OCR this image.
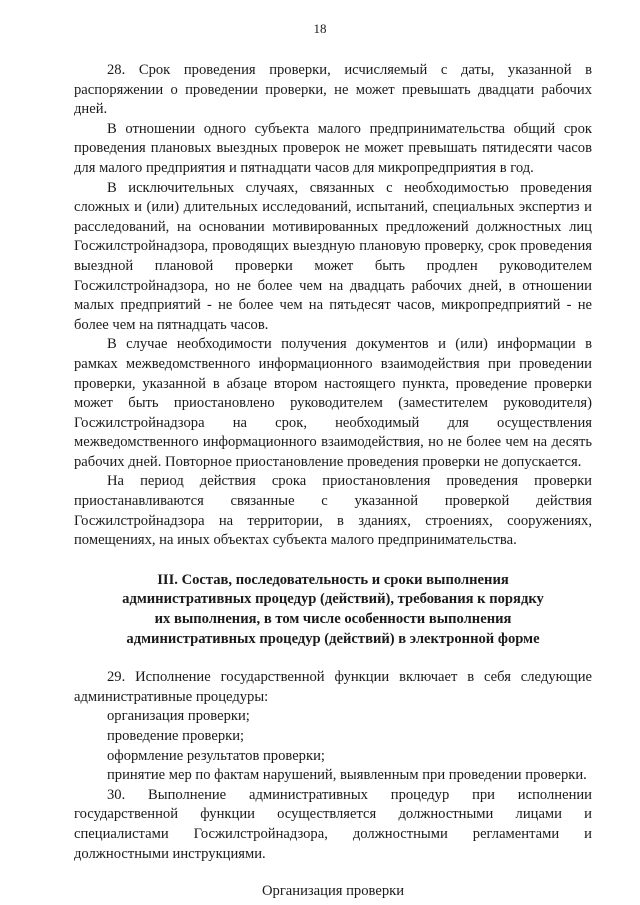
18

28. Срок проведения проверки, исчисляемый с даты, указанной в распоряжении о проведении проверки, не может превышать двадцати рабочих дней.

В отношении одного субъекта малого предпринимательства общий срок проведения плановых выездных проверок не может превышать пятидесяти часов для малого предприятия и пятнадцати часов для микропредприятия в год.

В исключительных случаях, связанных с необходимостью проведения сложных и (или) длительных исследований, испытаний, специальных экспертиз и расследований, на основании мотивированных предложений должностных лиц Госжилстройнадзора, проводящих выездную плановую проверку, срок проведения выездной плановой проверки может быть продлен руководителем Госжилстройнадзора, но не более чем на двадцать рабочих дней, в отношении малых предприятий - не более чем на пятьдесят часов, микропредприятий - не более чем на пятнадцать часов.

В случае необходимости получения документов и (или) информации в рамках межведомственного информационного взаимодействия при проведении проверки, указанной в абзаце втором настоящего пункта, проведение проверки может быть приостановлено руководителем (заместителем руководителя) Госжилстройнадзора на срок, необходимый для осуществления межведомственного информационного взаимодействия, но не более чем на десять рабочих дней. Повторное приостановление проведения проверки не допускается.

На период действия срока приостановления проведения проверки приостанавливаются связанные с указанной проверкой действия Госжилстройнадзора на территории, в зданиях, строениях, сооружениях, помещениях, на иных объектах субъекта малого предпринимательства.

III. Состав, последовательность и сроки выполнения
административных процедур (действий), требования к порядку
их выполнения, в том числе особенности выполнения
административных процедур (действий) в электронной форме

29. Исполнение государственной функции включает в себя следующие административные процедуры:

организация проверки;

проведение проверки;

оформление результатов проверки;

принятие мер по фактам нарушений, выявленным при проведении проверки.

30. Выполнение административных процедур при исполнении государственной функции осуществляется должностными лицами и специалистами Госжилстройнадзора, должностными регламентами и должностными инструкциями.

Организация проверки
